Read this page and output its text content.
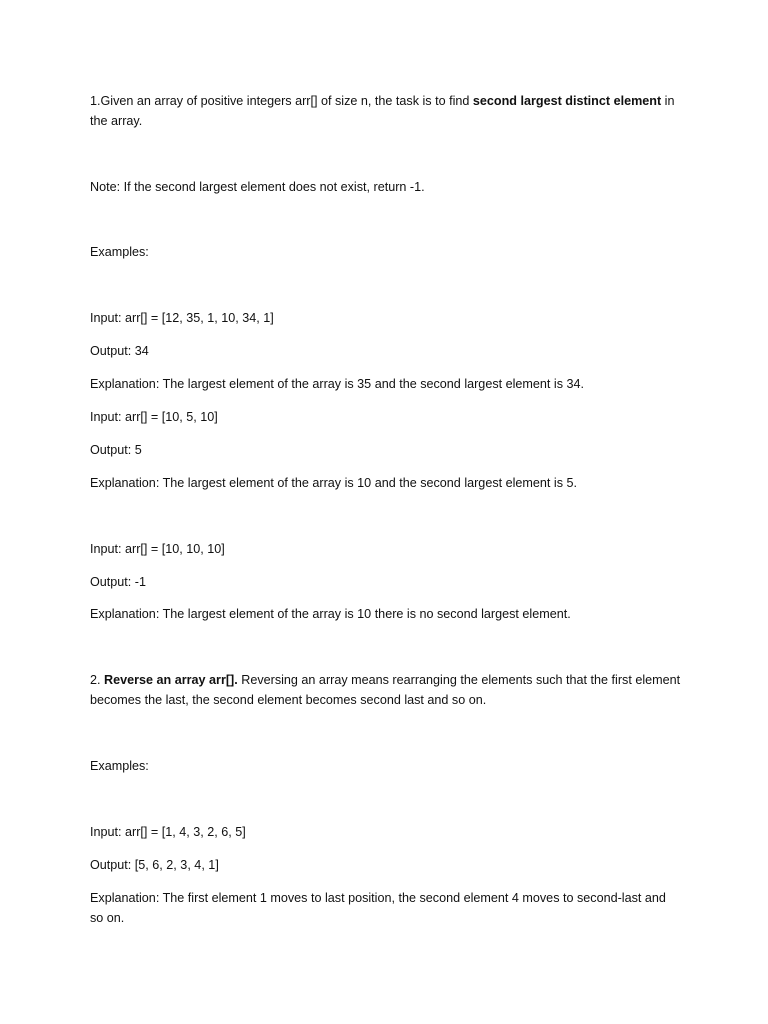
1.Given an array of positive integers arr[] of size n, the task is to find second largest distinct element in
the array.
Note: If the second largest element does not exist, return -1.
Examples:
Input: arr[] = [12, 35, 1, 10, 34, 1]
Output: 34
Explanation: The largest element of the array is 35 and the second largest element is 34.
Input: arr[] = [10, 5, 10]
Output: 5
Explanation: The largest element of the array is 10 and the second largest element is 5.
Input: arr[] = [10, 10, 10]
Output: -1
Explanation: The largest element of the array is 10 there is no second largest element.
2. Reverse an array arr[]. Reversing an array means rearranging the elements such that the first element
becomes the last, the second element becomes second last and so on.
Examples:
Input: arr[] = [1, 4, 3, 2, 6, 5]
Output: [5, 6, 2, 3, 4, 1]
Explanation: The first element 1 moves to last position, the second element 4 moves to second-last and
so on.
